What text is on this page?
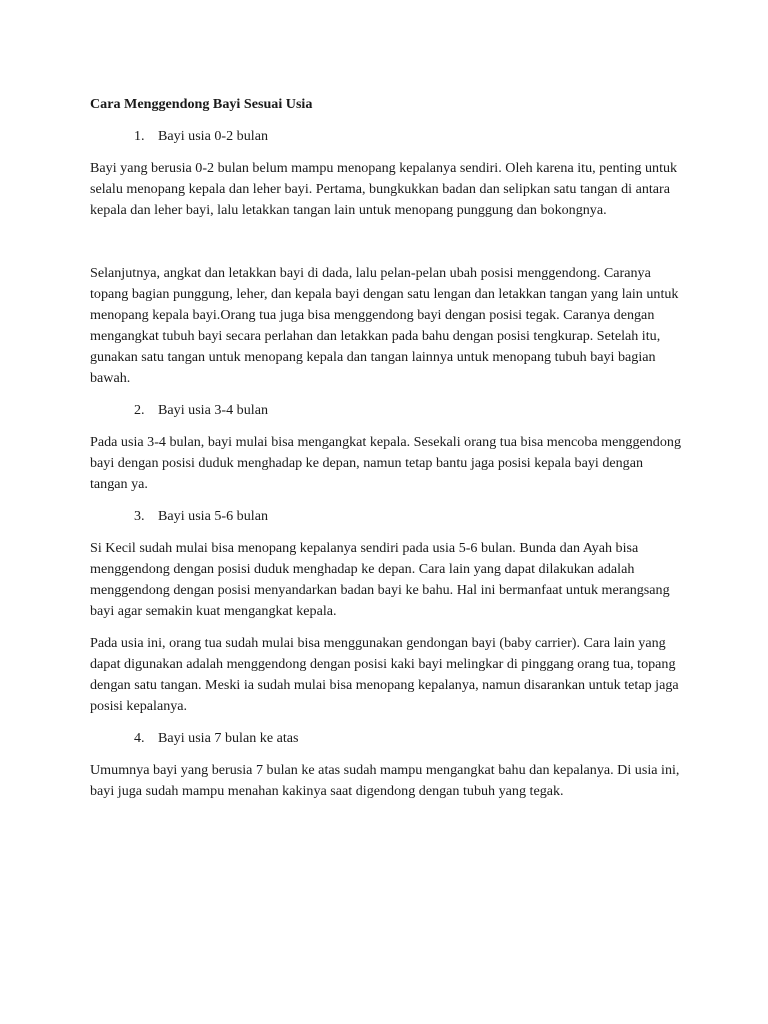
Cara Menggendong Bayi Sesuai Usia
1. Bayi usia 0-2 bulan

Bayi yang berusia 0-2 bulan belum mampu menopang kepalanya sendiri. Oleh karena itu, penting untuk selalu menopang kepala dan leher bayi. Pertama, bungkukkan badan dan selipkan satu tangan di antara kepala dan leher bayi, lalu letakkan tangan lain untuk menopang punggung dan bokongnya.

Selanjutnya, angkat dan letakkan bayi di dada, lalu pelan-pelan ubah posisi menggendong. Caranya topang bagian punggung, leher, dan kepala bayi dengan satu lengan dan letakkan tangan yang lain untuk menopang kepala bayi.Orang tua juga bisa menggendong bayi dengan posisi tegak. Caranya dengan mengangkat tubuh bayi secara perlahan dan letakkan pada bahu dengan posisi tengkurap. Setelah itu, gunakan satu tangan untuk menopang kepala dan tangan lainnya untuk menopang tubuh bayi bagian bawah.

2. Bayi usia 3-4 bulan

Pada usia 3-4 bulan, bayi mulai bisa mengangkat kepala. Sesekali orang tua bisa mencoba menggendong bayi dengan posisi duduk menghadap ke depan, namun tetap bantu jaga posisi kepala bayi dengan tangan ya.

3. Bayi usia 5-6 bulan

Si Kecil sudah mulai bisa menopang kepalanya sendiri pada usia 5-6 bulan. Bunda dan Ayah bisa menggendong dengan posisi duduk menghadap ke depan. Cara lain yang dapat dilakukan adalah menggendong dengan posisi menyandarkan badan bayi ke bahu. Hal ini bermanfaat untuk merangsang bayi agar semakin kuat mengangkat kepala.

Pada usia ini, orang tua sudah mulai bisa menggunakan gendongan bayi (baby carrier). Cara lain yang dapat digunakan adalah menggendong dengan posisi kaki bayi melingkar di pinggang orang tua, topang dengan satu tangan. Meski ia sudah mulai bisa menopang kepalanya, namun disarankan untuk tetap jaga posisi kepalanya.

4. Bayi usia 7 bulan ke atas

Umumnya bayi yang berusia 7 bulan ke atas sudah mampu mengangkat bahu dan kepalanya. Di usia ini, bayi juga sudah mampu menahan kakinya saat digendong dengan tubuh yang tegak.
